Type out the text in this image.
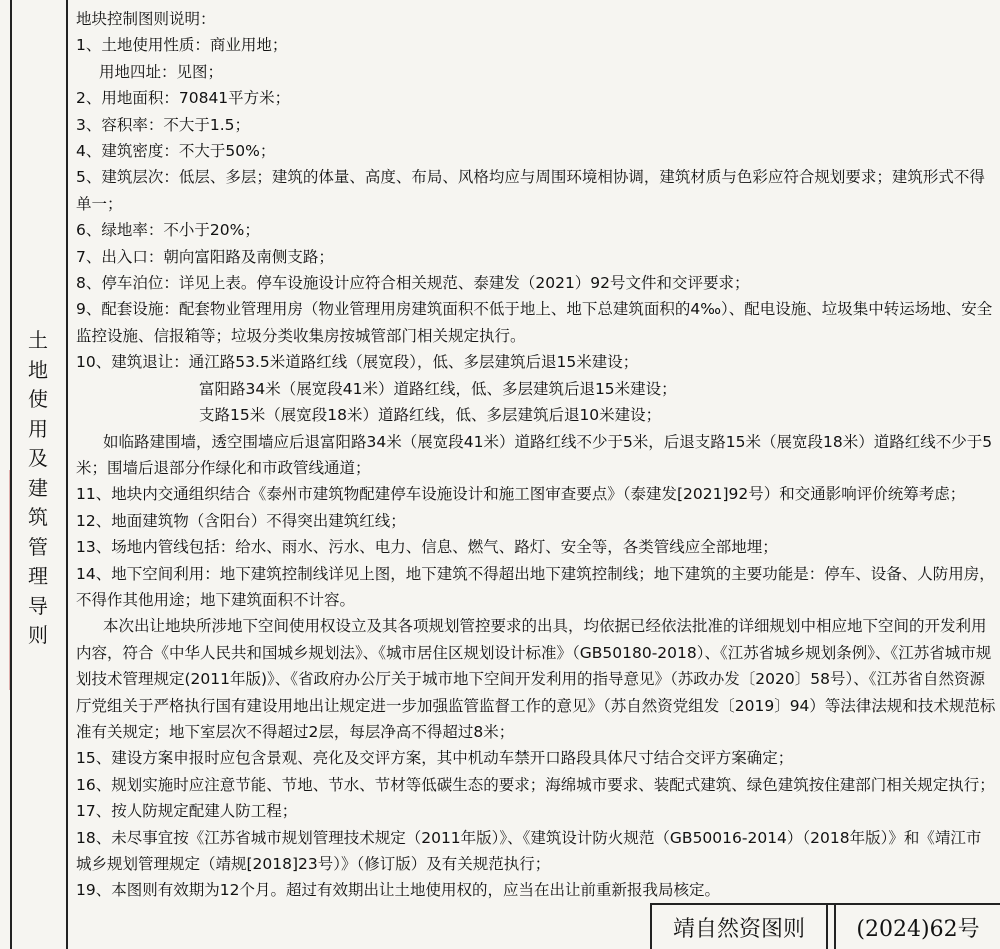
土
地
使
用
及
建
筑
管
理
导
则
地块控制图则说明：
1、土地使用性质：商业用地；
用地四址：见图；
2、用地面积：70841平方米；
3、容积率：不大于1.5；
4、建筑密度：不大于50%；
5、建筑层次：低层、多层；建筑的体量、高度、布局、风格均应与周围环境相协调，建筑材质与色彩应符合规划要求；建筑形式不得单一；
6、绿地率：不小于20%；
7、出入口：朝向富阳路及南侧支路；
8、停车泊位：详见上表。停车设施设计应符合相关规范、泰建发（2021）92号文件和交评要求；
9、配套设施：配套物业管理用房（物业管理用房建筑面积不低于地上、地下总建筑面积的4‰）、配电设施、垃圾集中转运场地、安全监控设施、信报箱等；垃圾分类收集房按城管部门相关规定执行。
10、建筑退让：通江路53.5米道路红线（展宽段），低、多层建筑后退15米建设；
富阳路34米（展宽段41米）道路红线，低、多层建筑后退15米建设；
支路15米（展宽段18米）道路红线，低、多层建筑后退10米建设；
如临路建围墙，透空围墙应后退富阳路34米（展宽段41米）道路红线不少于5米，后退支路15米（展宽段18米）道路红线不少于5米；围墙后退部分作绿化和市政管线通道；
11、地块内交通组织结合《泰州市建筑物配建停车设施设计和施工图审查要点》（泰建发[2021]92号）和交通影响评价统筹考虑；
12、地面建筑物（含阳台）不得突出建筑红线；
13、场地内管线包括：给水、雨水、污水、电力、信息、燃气、路灯、安全等，各类管线应全部地埋；
14、地下空间利用：地下建筑控制线详见上图，地下建筑不得超出地下建筑控制线；地下建筑的主要功能是：停车、设备、人防用房，不得作其他用途；地下建筑面积不计容。
本次出让地块所涉地下空间使用权设立及其各项规划管控要求的出具，均依据已经依法批准的详细规划中相应地下空间的开发利用内容，符合《中华人民共和国城乡规划法》、《城市居住区规划设计标准》（GB50180-2018）、《江苏省城乡规划条例》、《江苏省城市规划技术管理规定(2011年版)》、《省政府办公厅关于城市地下空间开发利用的指导意见》（苏政办发〔2020〕58号）、《江苏省自然资源厅党组关于严格执行国有建设用地出让规定进一步加强监管监督工作的意见》（苏自然资党组发〔2019〕94）等法律法规和技术规范标准有关规定；地下室层次不得超过2层，每层净高不得超过8米；
15、建设方案申报时应包含景观、亮化及交评方案，其中机动车禁开口路段具体尺寸结合交评方案确定；
16、规划实施时应注意节能、节地、节水、节材等低碳生态的要求；海绵城市要求、装配式建筑、绿色建筑按住建部门相关规定执行；
17、按人防规定配建人防工程；
18、未尽事宜按《江苏省城市规划管理技术规定（2011年版）》、《建筑设计防火规范（GB50016-2014）（2018年版）》和《靖江市城乡规划管理规定（靖规[2018]23号）》（修订版）及有关规范执行；
19、本图则有效期为12个月。超过有效期出让土地使用权的，应当在出让前重新报我局核定。
靖自然资图则	(2024)62号
